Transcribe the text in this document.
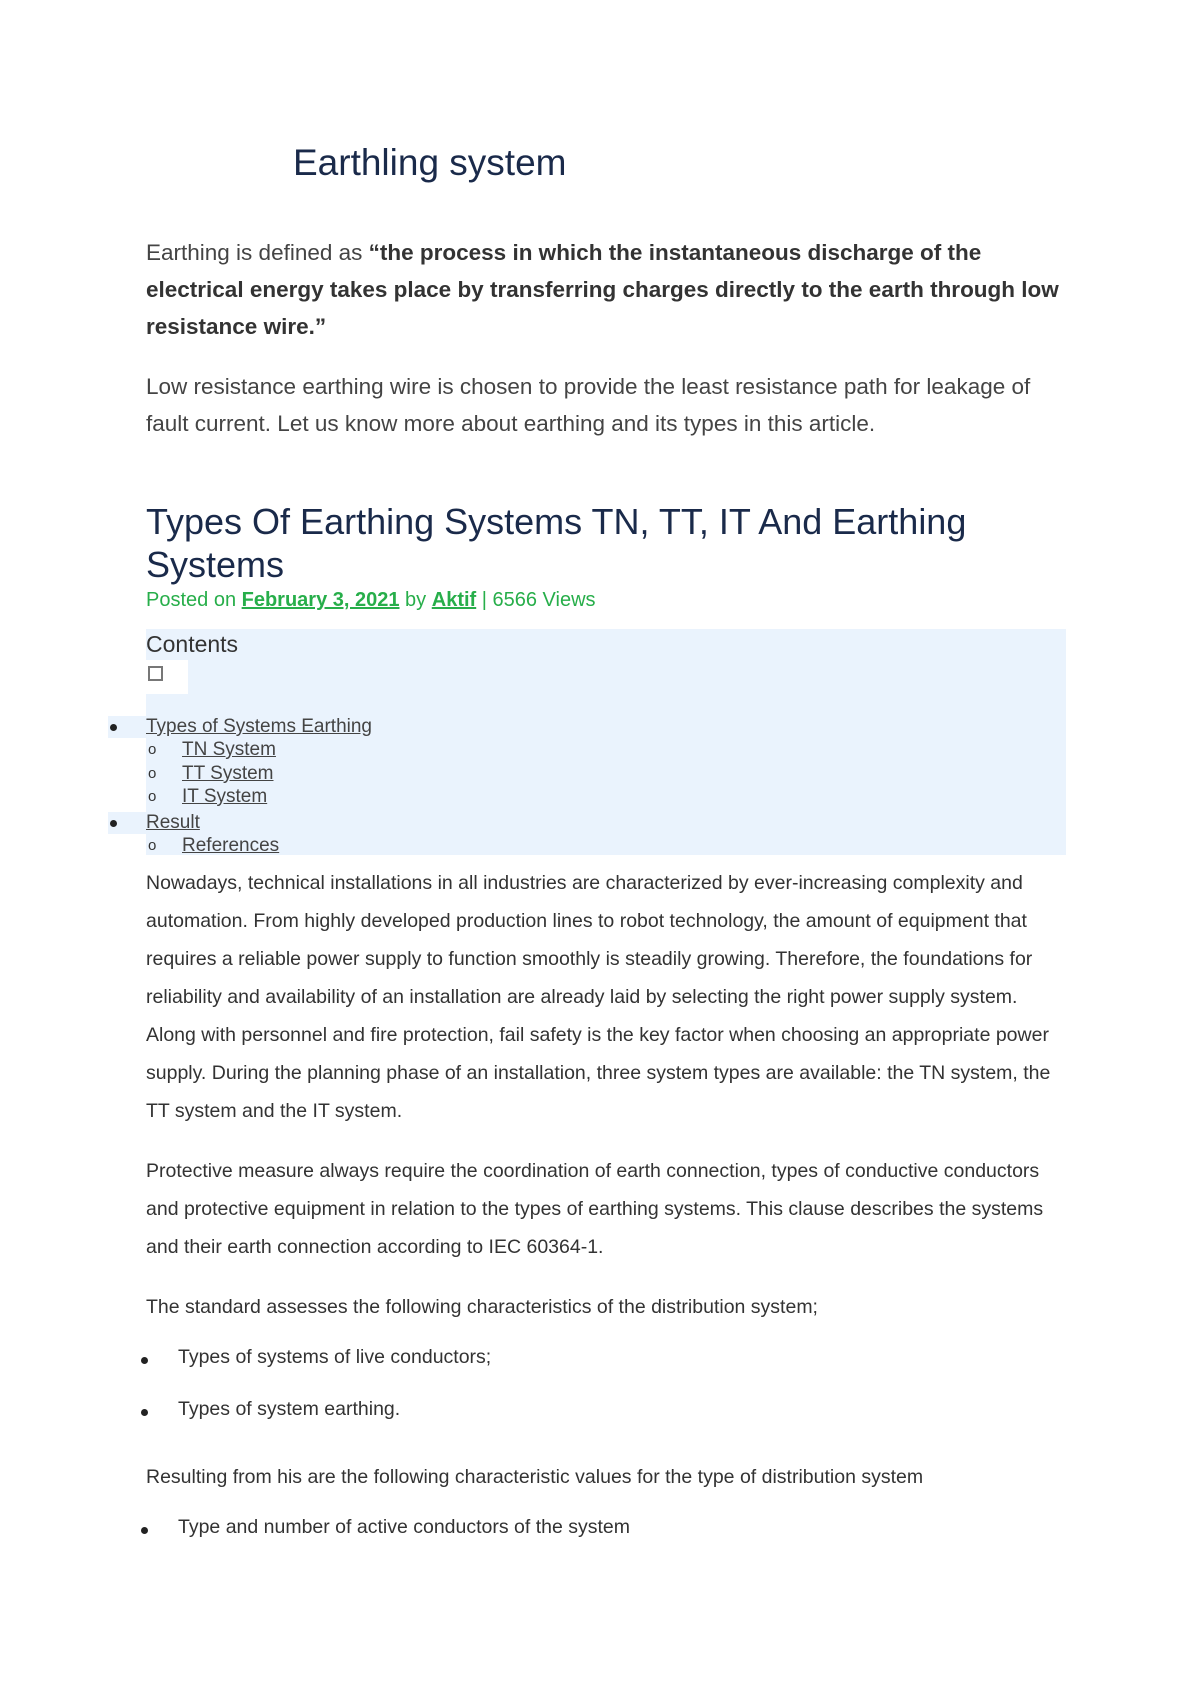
Earthling system

Earthing is defined as “the process in which the instantaneous discharge of the electrical energy takes place by transferring charges directly to the earth through low resistance wire.”

Low resistance earthing wire is chosen to provide the least resistance path for leakage of fault current. Let us know more about earthing and its types in this article.

Types Of Earthing Systems TN, TT, IT And Earthing Systems

Posted on February 3, 2021 by Aktif | 6566 Views

Contents
Types of Systems Earthing
o TN System
o TT System
o IT System
Result
o References

Nowadays, technical installations in all industries are characterized by ever-increasing complexity and automation. From highly developed production lines to robot technology, the amount of equipment that requires a reliable power supply to function smoothly is steadily growing. Therefore, the foundations for reliability and availability of an installation are already laid by selecting the right power supply system. Along with personnel and fire protection, fail safety is the key factor when choosing an appropriate power supply. During the planning phase of an installation, three system types are available: the TN system, the TT system and the IT system.

Protective measure always require the coordination of earth connection, types of conductive conductors and protective equipment in relation to the types of earthing systems. This clause describes the systems and their earth connection according to IEC 60364-1.

The standard assesses the following characteristics of the distribution system;

Types of systems of live conductors;
Types of system earthing.

Resulting from his are the following characteristic values for the type of distribution system

Type and number of active conductors of the system
